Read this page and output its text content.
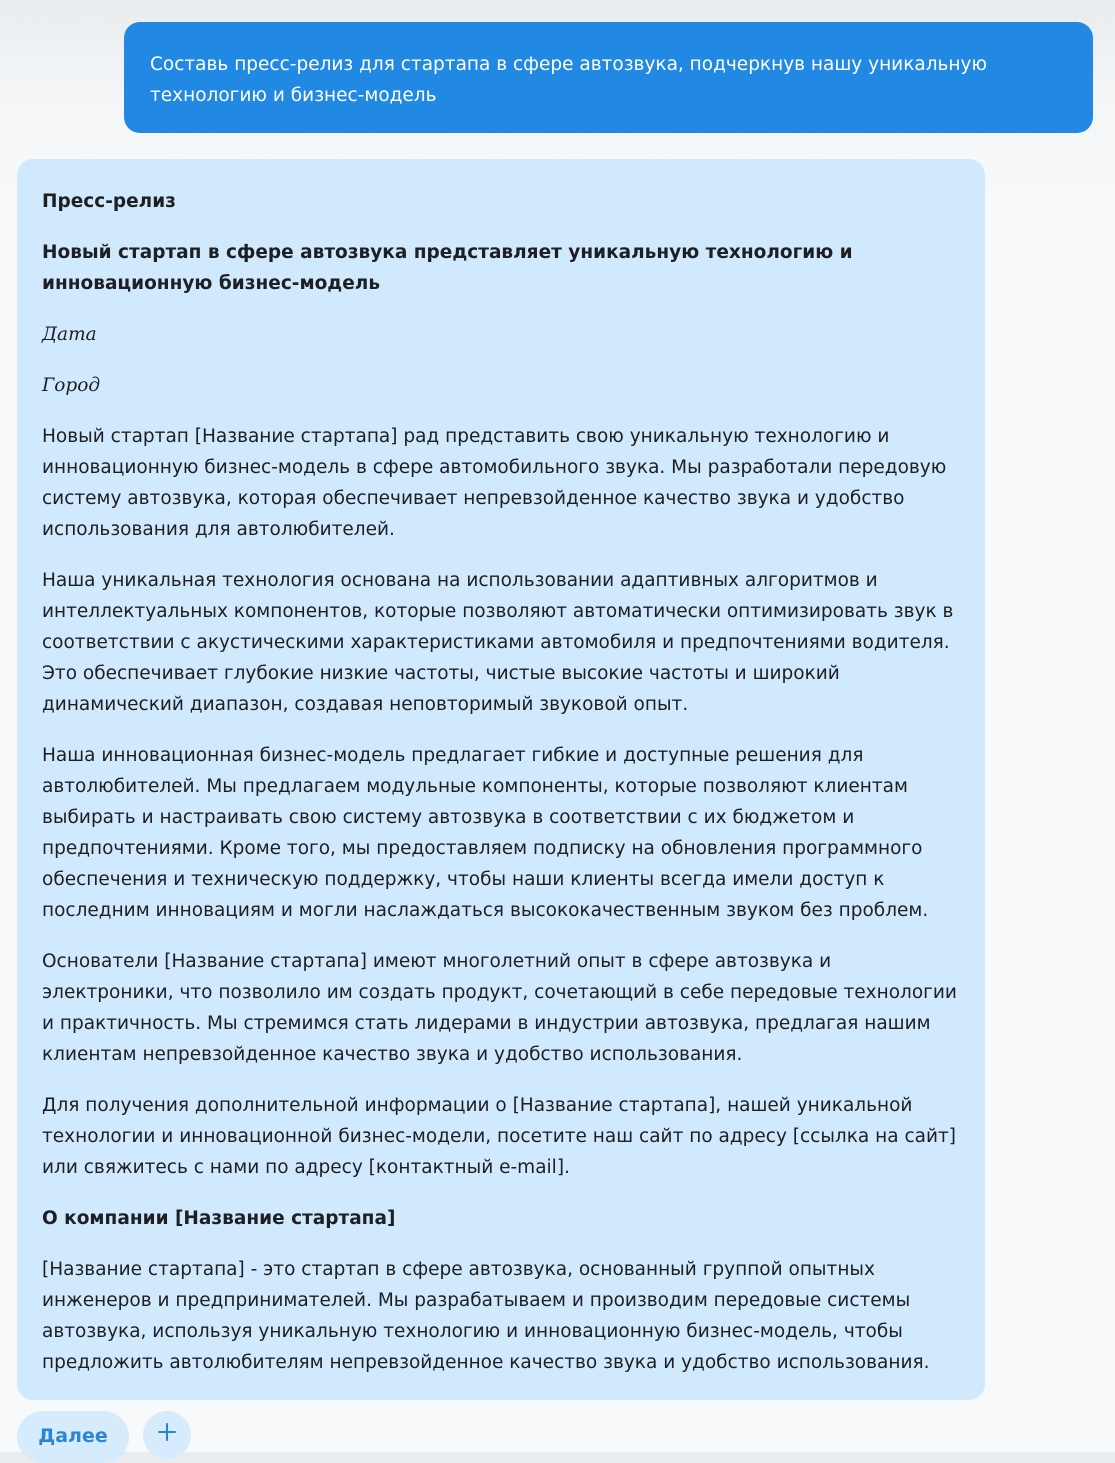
Составь пресс-релиз для стартапа в сфере автозвука, подчеркнув нашу уникальную технологию и бизнес-модель

Пресс-релиз

Новый стартап в сфере автозвука представляет уникальную технологию и инновационную бизнес-модель

Дата

Город

Новый стартап [Название стартапа] рад представить свою уникальную технологию и инновационную бизнес-модель в сфере автомобильного звука. Мы разработали передовую систему автозвука, которая обеспечивает непревзойденное качество звука и удобство использования для автолюбителей.

Наша уникальная технология основана на использовании адаптивных алгоритмов и интеллектуальных компонентов, которые позволяют автоматически оптимизировать звук в соответствии с акустическими характеристиками автомобиля и предпочтениями водителя. Это обеспечивает глубокие низкие частоты, чистые высокие частоты и широкий динамический диапазон, создавая неповторимый звуковой опыт.

Наша инновационная бизнес-модель предлагает гибкие и доступные решения для автолюбителей. Мы предлагаем модульные компоненты, которые позволяют клиентам выбирать и настраивать свою систему автозвука в соответствии с их бюджетом и предпочтениями. Кроме того, мы предоставляем подписку на обновления программного обеспечения и техническую поддержку, чтобы наши клиенты всегда имели доступ к последним инновациям и могли наслаждаться высококачественным звуком без проблем.

Основатели [Название стартапа] имеют многолетний опыт в сфере автозвука и электроники, что позволило им создать продукт, сочетающий в себе передовые технологии и практичность. Мы стремимся стать лидерами в индустрии автозвука, предлагая нашим клиентам непревзойденное качество звука и удобство использования.

Для получения дополнительной информации о [Название стартапа], нашей уникальной технологии и инновационной бизнес-модели, посетите наш сайт по адресу [ссылка на сайт] или свяжитесь с нами по адресу [контактный e-mail].

О компании [Название стартапа]

[Название стартапа] - это стартап в сфере автозвука, основанный группой опытных инженеров и предпринимателей. Мы разрабатываем и производим передовые системы автозвука, используя уникальную технологию и инновационную бизнес-модель, чтобы предложить автолюбителям непревзойденное качество звука и удобство использования.

Далее
